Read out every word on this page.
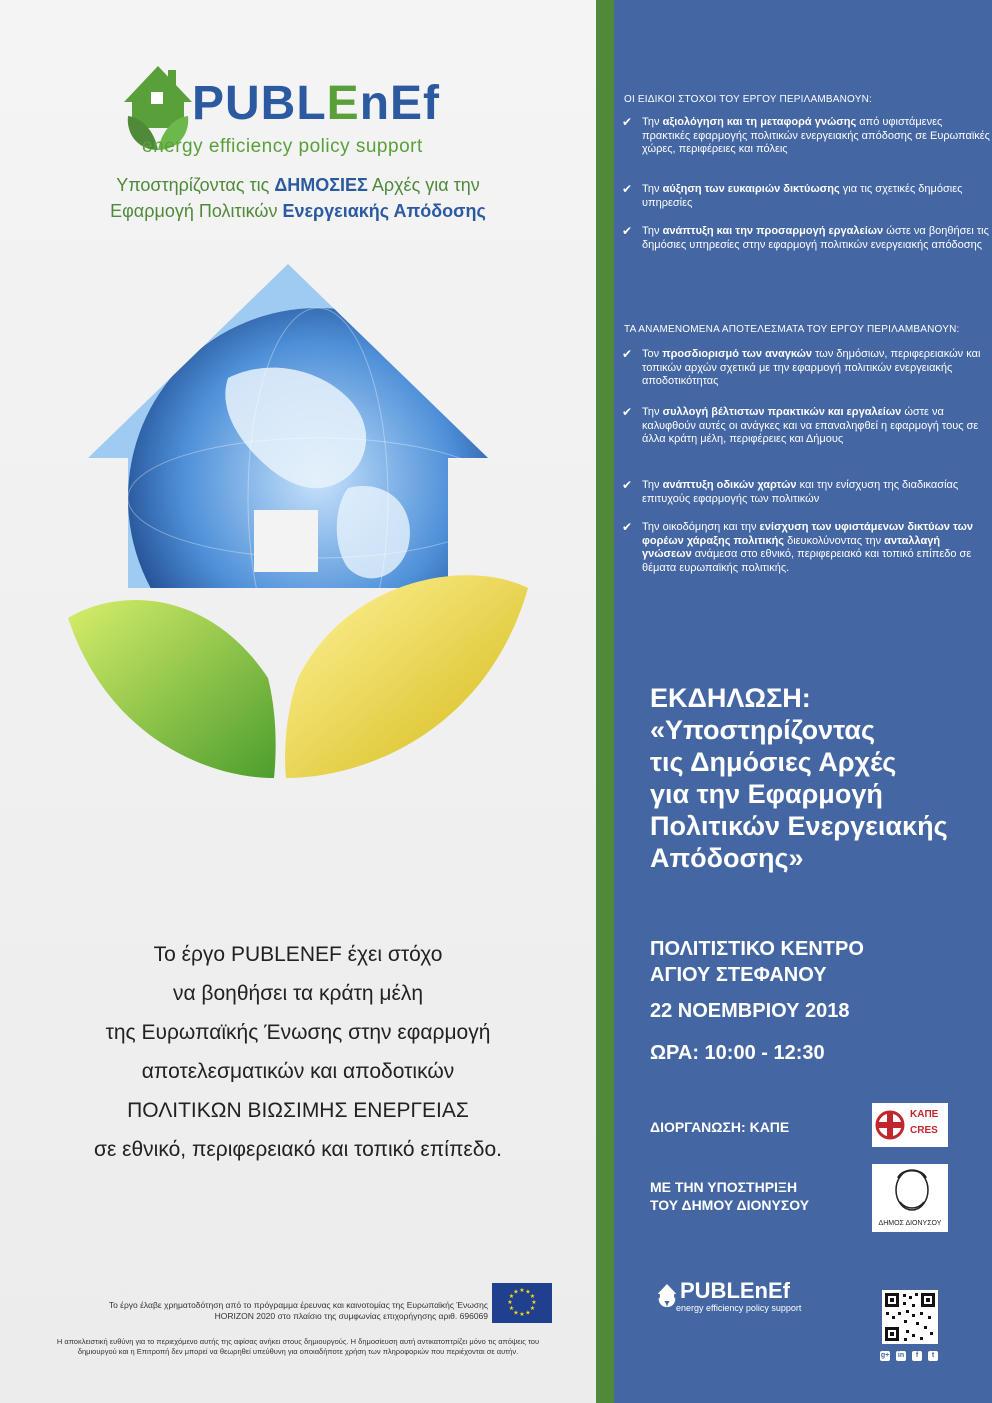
PUBLEnEf
energy efficiency policy support
Υποστηρίζοντας τις ΔΗΜΟΣΙΕΣ Αρχές για την
Εφαρμογή Πολιτικών Ενεργειακής Απόδοσης

Το έργο PUBLENEF έχει στόχο

να βοηθήσει τα κράτη μέλη

της Ευρωπαϊκής Ένωσης στην εφαρμογή

αποτελεσματικών και αποδοτικών

ΠΟΛΙΤΙΚΩΝ ΒΙΩΣΙΜΗΣ ΕΝΕΡΓΕΙΑΣ

σε εθνικό, περιφερειακό και τοπικό επίπεδο.

★ ★
★
★
★
★
★
★
★
★
★
★
Το έργο έλαβε χρηματοδότηση από το πρόγραμμα έρευνας και καινοτομίας της Ευρωπαϊκής Ένωσης
HORIZON 2020 στο πλαίσιο της συμφωνίας επιχορήγησης αριθ. 696069
Η αποκλειστική ευθύνη για το περιεχόμενο αυτής της αφίσας ανήκει στους δημιουργούς. Η δημοσίευση αυτή αντικατοπτρίζει μόνο τις απόψεις του
δημιουργού και η Επιτροπή δεν μπορεί να θεωρηθεί υπεύθυνη για οποιαδήποτε χρήση των πληροφοριών που περιέχονται σε αυτήν.
ΟΙ ΕΙΔΙΚΟΙ ΣΤΟΧΟΙ ΤΟΥ ΕΡΓΟΥ ΠΕΡΙΛΑΜΒΑΝΟΥΝ:
✔ Την αξιολόγηση και τη μεταφορά γνώσης από υφιστάμενες πρακτικές εφαρμογής πολιτικών ενεργειακής απόδοσης σε Ευρωπαϊκές χώρες, περιφέρειες και πόλεις
✔ Την αύξηση των ευκαιριών δικτύωσης για τις σχετικές δημόσιες υπηρεσίες
✔ Την ανάπτυξη και την προσαρμογή εργαλείων ώστε να βοηθήσει τις δημόσιες υπηρεσίες στην εφαρμογή πολιτικών ενεργειακής απόδοσης
ΤΑ ΑΝΑΜΕΝΟΜΕΝΑ ΑΠΟΤΕΛΕΣΜΑΤΑ ΤΟΥ ΕΡΓΟΥ ΠΕΡΙΛΑΜΒΑΝΟΥΝ:
✔ Τον προσδιορισμό των αναγκών των δημόσιων, περιφερειακών και τοπικών αρχών σχετικά με την εφαρμογή πολιτικών ενεργειακής αποδοτικότητας
✔ Την συλλογή βέλτιστων πρακτικών και εργαλείων ώστε να καλυφθούν αυτές οι ανάγκες και να επαναληφθεί η εφαρμογή τους σε άλλα κράτη μέλη, περιφέρειες και Δήμους
✔ Την ανάπτυξη οδικών χαρτών και την ενίσχυση της διαδικασίας επιτυχούς εφαρμογής των πολιτικών
✔ Την οικοδόμηση και την ενίσχυση των υφιστάμενων δικτύων των φορέων χάραξης πολιτικής διευκολύνοντας την ανταλλαγή γνώσεων ανάμεσα στο εθνικό, περιφερειακό και τοπικό επίπεδο σε θέματα ευρωπαϊκής πολιτικής.

ΕΚΔΗΛΩΣΗ:

«Υποστηρίζοντας

τις Δημόσιες Αρχές

για την Εφαρμογή

Πολιτικών Ενεργειακής

Απόδοσης»

ΠΟΛΙΤΙΣΤΙΚΟ ΚΕΝΤΡΟ

ΑΓΙΟΥ ΣΤΕΦΑΝΟΥ

22 ΝΟΕΜΒΡΙΟΥ 2018
ΩΡΑ: 10:00 - 12:30
ΔΙΟΡΓΑΝΩΣΗ: ΚΑΠΕ
ΚΑΠΕ
CRES

ΜΕ ΤΗΝ ΥΠΟΣΤΗΡΙΞΗ

ΤΟΥ ΔΗΜΟΥ ΔΙΟΝΥΣΟΥ

ΔΗΜΟΣ ΔΙΟΝΥΣΟΥ
PUBLEnEf
energy efficiency policy support
g+ in	f	t
